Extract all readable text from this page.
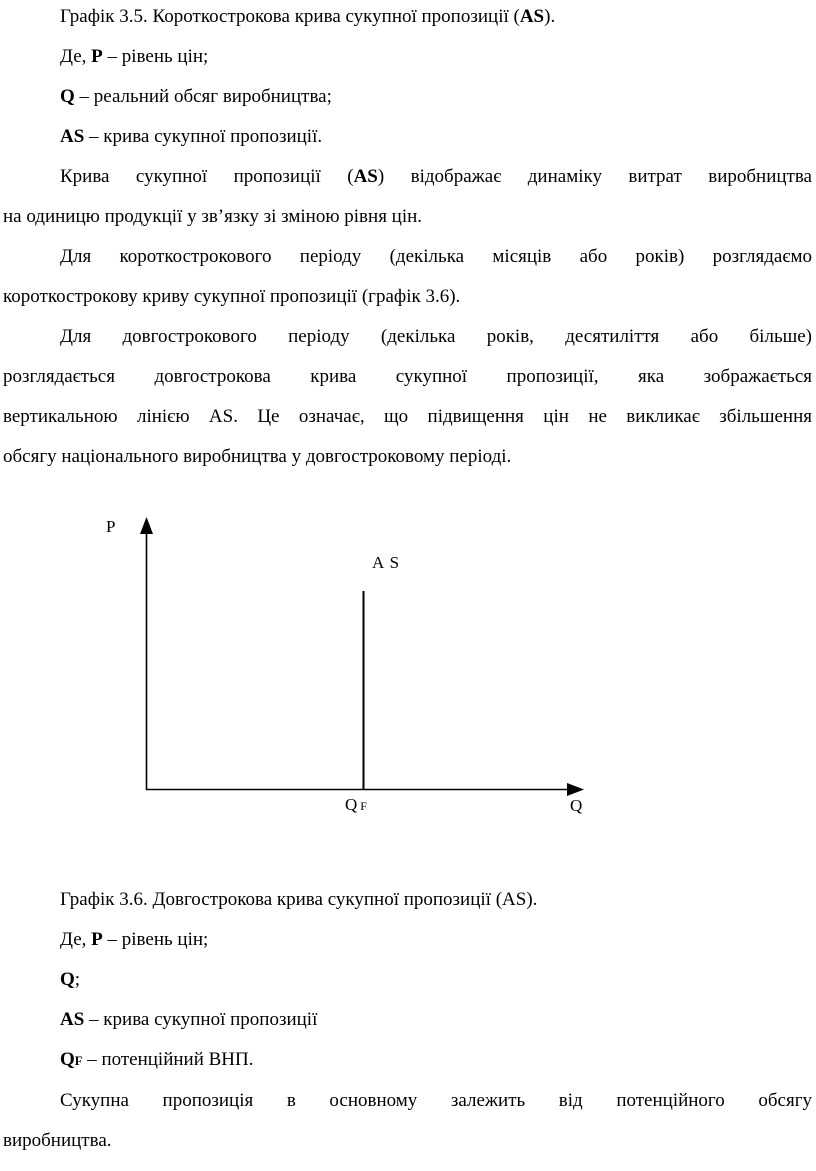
Графік 3.5. Короткострокова крива сукупної пропозиції (AS).
Де, P – рівень цін;
Q – реальний обсяг виробництва;
AS – крива сукупної пропозиції.
Крива сукупної пропозиції (AS) відображає динаміку витрат виробництва
на одиницю продукції у зв’язку зі зміною рівня цін.
Для короткострокового періоду (декілька місяців або років) розглядаємо
короткострокову криву сукупної пропозиції (графік 3.6).
Для довгострокового періоду (декілька років, десятиліття або більше)
розглядається довгострокова крива сукупної пропозиції, яка зображається
вертикальною лінією AS. Це означає, що підвищення цін не викликає збільшення
обсягу національного виробництва у довгостроковому періоді.
P
A S
Q F	Q
Графік 3.6. Довгострокова крива сукупної пропозиції (AS).
Де, P – рівень цін;
Q;
AS – крива сукупної пропозиції
QF – потенційний ВНП.
Сукупна пропозиція в основному залежить від потенційного обсягу
виробництва.
